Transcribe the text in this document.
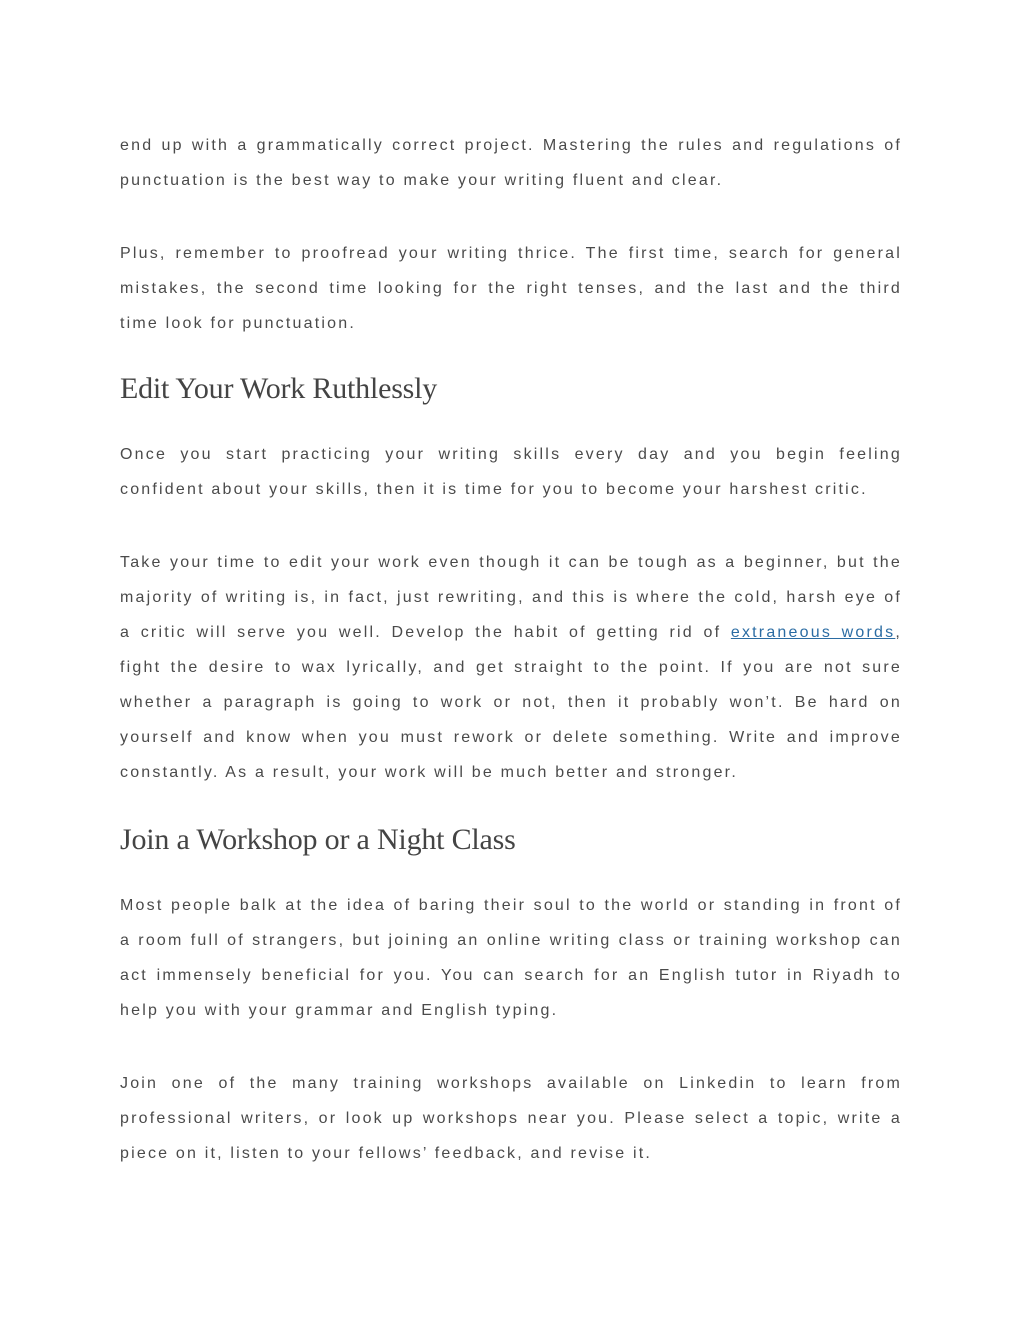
end up with a grammatically correct project. Mastering the rules and regulations of punctuation is the best way to make your writing fluent and clear.

Plus, remember to proofread your writing thrice. The first time, search for general mistakes, the second time looking for the right tenses, and the last and the third time look for punctuation.

Edit Your Work Ruthlessly

Once you start practicing your writing skills every day and you begin feeling confident about your skills, then it is time for you to become your harshest critic.

Take your time to edit your work even though it can be tough as a beginner, but the majority of writing is, in fact, just rewriting, and this is where the cold, harsh eye of a critic will serve you well. Develop the habit of getting rid of extraneous words, fight the desire to wax lyrically, and get straight to the point. If you are not sure whether a paragraph is going to work or not, then it probably won’t. Be hard on yourself and know when you must rework or delete something. Write and improve constantly. As a result, your work will be much better and stronger.

Join a Workshop or a Night Class

Most people balk at the idea of baring their soul to the world or standing in front of a room full of strangers, but joining an online writing class or training workshop can act immensely beneficial for you. You can search for an English tutor in Riyadh to help you with your grammar and English typing.

Join one of the many training workshops available on Linkedin to learn from professional writers, or look up workshops near you. Please select a topic, write a piece on it, listen to your fellows’ feedback, and revise it.
